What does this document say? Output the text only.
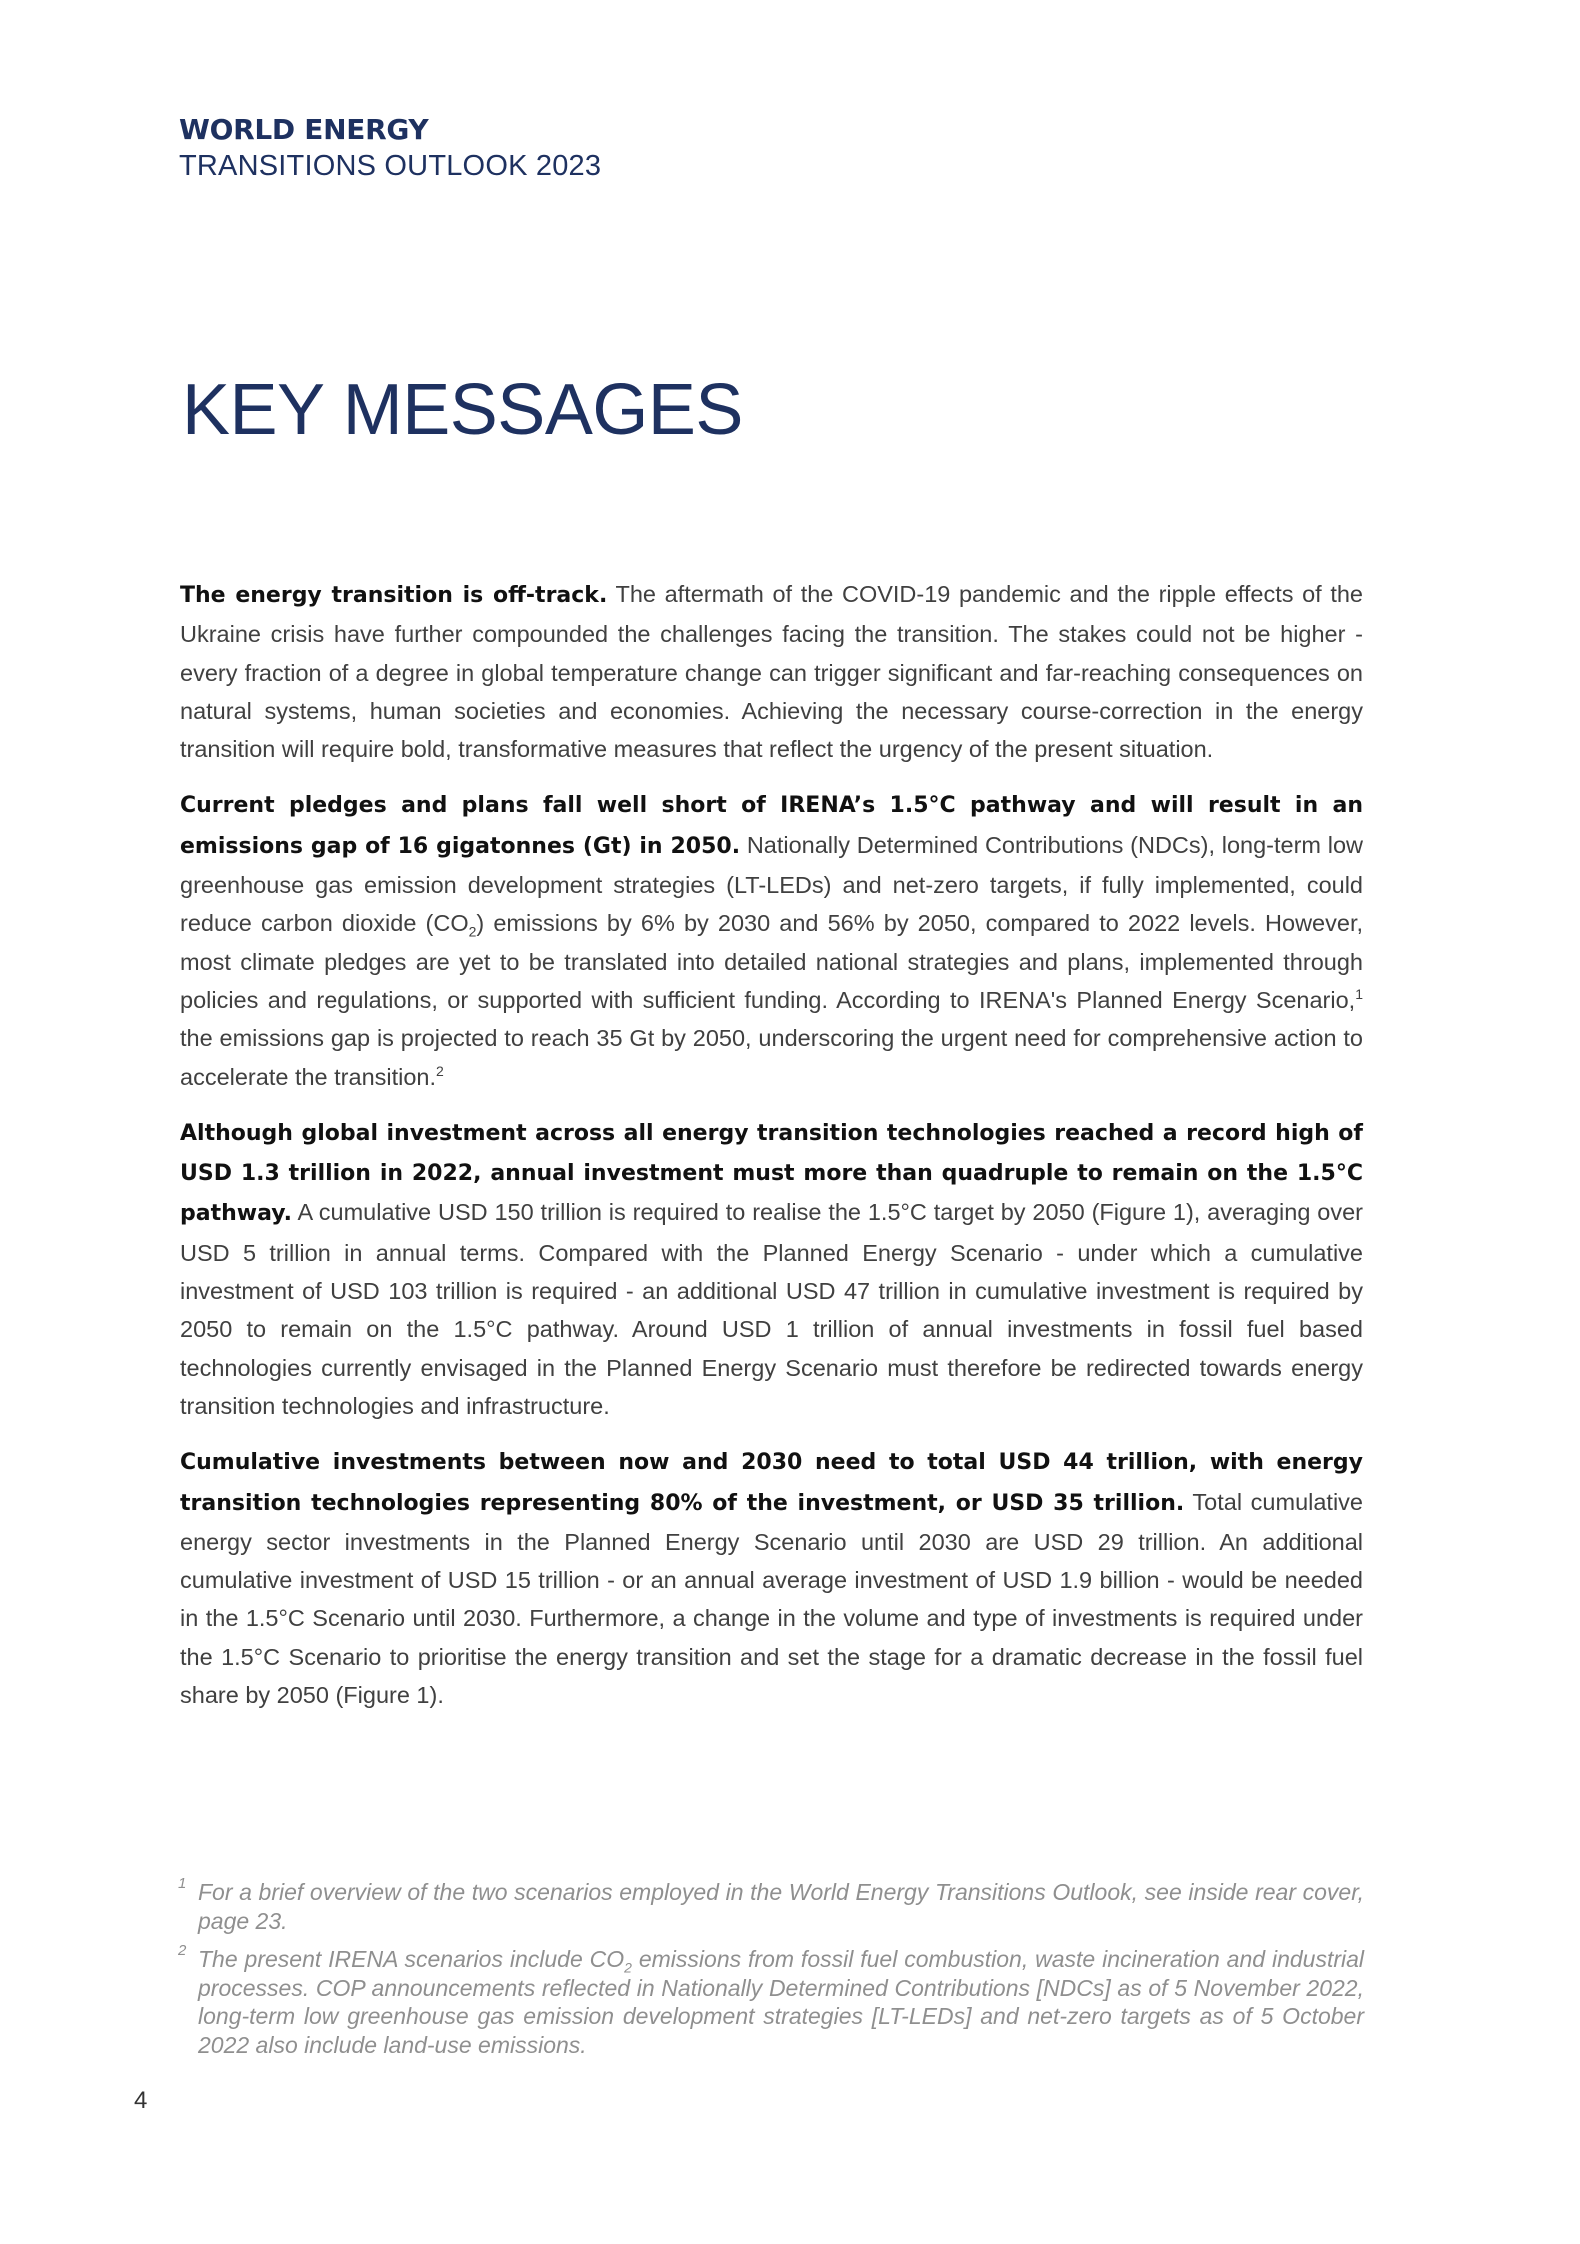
WORLD ENERGY
TRANSITIONS OUTLOOK 2023
KEY MESSAGES

The energy transition is off-track. The aftermath of the COVID-19 pandemic and the ripple effects of the Ukraine crisis have further compounded the challenges facing the transition. The stakes could not be higher - every fraction of a degree in global temperature change can trigger significant and far-reaching consequences on natural systems, human societies and economies. Achieving the necessary course-correction in the energy transition will require bold, transformative measures that reflect the urgency of the present situation.

Current pledges and plans fall well short of IRENA’s 1.5°C pathway and will result in an emissions gap of 16 gigatonnes (Gt) in 2050. Nationally Determined Contributions (NDCs), long-term low greenhouse gas emission development strategies (LT-LEDs) and net-zero targets, if fully implemented, could reduce carbon dioxide $(CO_2)$ emissions by 6% by 2030 and 56% by 2050, compared to 2022 levels. However, most climate pledges are yet to be translated into detailed national strategies and plans, implemented through policies and regulations, or supported with sufficient funding. According to IRENA's Planned Energy Scenario,$^1$ the emissions gap is projected to reach 35 Gt by 2050, underscoring the urgent need for comprehensive action to accelerate the transition.$^2$

Although global investment across all energy transition technologies reached a record high of USD 1.3 trillion in 2022, annual investment must more than quadruple to remain on the 1.5°C pathway. A cumulative USD 150 trillion is required to realise the 1.5°C target by 2050 (Figure 1), averaging over USD 5 trillion in annual terms. Compared with the Planned Energy Scenario - under which a cumulative investment of USD 103 trillion is required - an additional USD 47 trillion in cumulative investment is required by 2050 to remain on the 1.5°C pathway. Around USD 1 trillion of annual investments in fossil fuel based technologies currently envisaged in the Planned Energy Scenario must therefore be redirected towards energy transition technologies and infrastructure.

Cumulative investments between now and 2030 need to total USD 44 trillion, with energy transition technologies representing 80% of the investment, or USD 35 trillion. Total cumulative energy sector investments in the Planned Energy Scenario until 2030 are USD 29 trillion. An additional cumulative investment of USD 15 trillion - or an annual average investment of USD 1.9 billion - would be needed in the 1.5°C Scenario until 2030. Furthermore, a change in the volume and type of investments is required under the 1.5°C Scenario to prioritise the energy transition and set the stage for a dramatic decrease in the fossil fuel share by 2050 (Figure 1).

1 For a brief overview of the two scenarios employed in the World Energy Transitions Outlook, see inside rear cover, page 23.

2 The present IRENA scenarios include $CO_2$ emissions from fossil fuel combustion, waste incineration and industrial processes. COP announcements reflected in Nationally Determined Contributions [NDCs] as of 5 November 2022, long-term low greenhouse gas emission development strategies [LT-LEDs] and net-zero targets as of 5 October 2022 also include land-use emissions.

4
